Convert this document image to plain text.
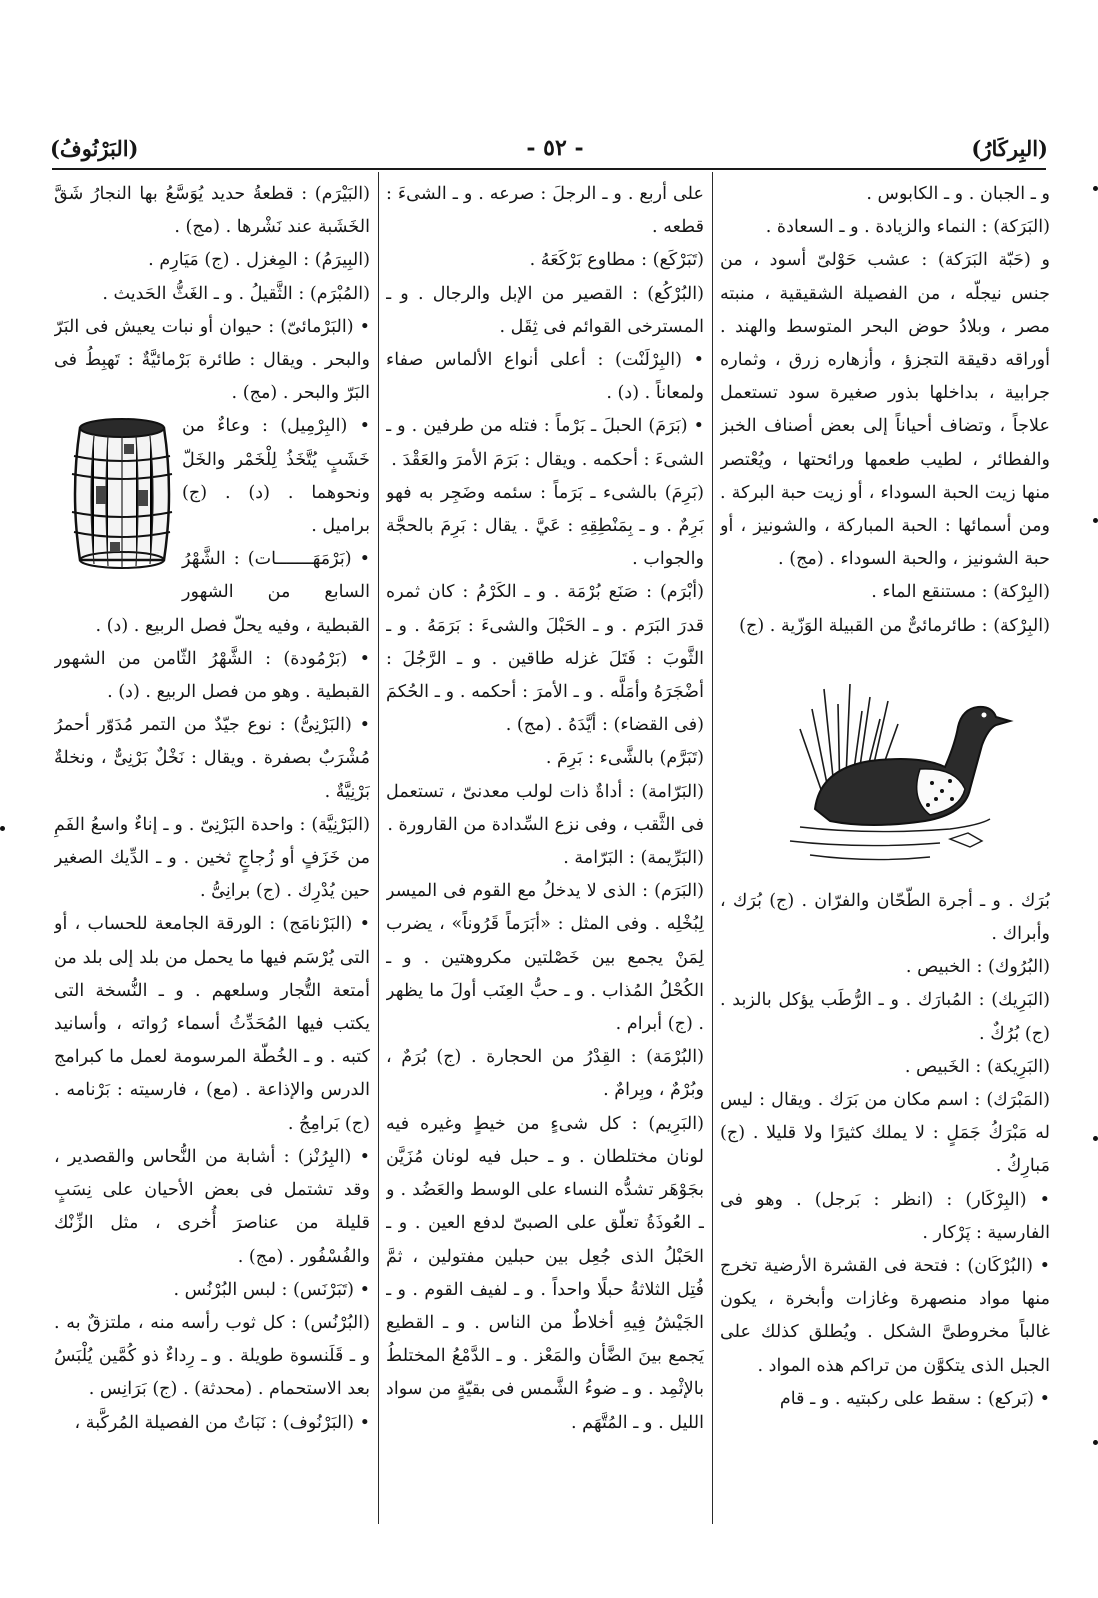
(البِركَارُ)
- ٥٢ -
(البَرْنُوفُ)

و ـ الجبان . و ـ الكابوس .

(البَرَكة) : النماء والزيادة . و ـ السعادة .

و (حَبّة البَرَكة) : عشب حَوْلىّ أسود ، من جنس نيجلّه ، من الفصيلة الشقيقية ، منبته مصر ، وبلادُ حوض البحر المتوسط والهند . أوراقه دقيقة التجزؤ ، وأزهاره زرق ، وثماره جرابية ، بداخلها بذور صغيرة سود تستعمل علاجاً ، وتضاف أحياناً إلى بعض أصناف الخبز والفطائر ، لطيب طعمها ورائحتها ، ويُعْتصر منها زيت الحبة السوداء ، أو زيت حبة البركة . ومن أسمائها : الحبة المباركة ، والشونيز ، أو حبة الشونيز ، والحبة السوداء . (مج) .

(البِرْكة) : مستنقع الماء .

(البِرْكة) : طائرمائىٌّ من القبيلة الوَزّية . (ج)

بُرَك . و ـ أجرة الطّحّان والفرّان . (ج) بُرَك ، وأبراك .

(البُرُوك) : الخبيص .

(البَرِيك) : المُبارَك . و ـ الرُّطَب يؤكل بالزبد . (ج) بُرُكٌ .

(البَرِيكة) : الخَبيص .

(المَبْرَك) : اسم مكان من بَرَك . ويقال : ليس له مَبْرَكُ جَمَلٍ : لا يملك كثيرًا ولا قليلا . (ج) مَبارِكُ .

• (البِرْكَار) : (انظر : بَرجل) . وهو فى الفارسية : پَرْكار .

• (البُرْكَان) : فتحة فى القشرة الأرضية تخرج منها مواد منصهرة وغازات وأبخرة ، يكون غالباً مخروطىَّ الشكل . ويُطلق كذلك على الجبل الذى يتكوَّن من تراكم هذه المواد .

• (بَركع) : سقط على ركبتيه . و ـ قام

على أربع . و ـ الرجلَ : صرعه . و ـ الشىءَ : قطعه .

(تَبَرْكَع) : مطاوع بَرْكَعَهُ .

(البُرْكُع) : القصير من الإبل والرجال . و ـ المسترخى القوائم فى ثِقَل .

• (البِرْلَنْت) : أعلى أنواع الألماس صفاء ولمعاناً . (د) .

• (بَرَمَ) الحبلَ ـ بَرْماً : فتله من طرفين . و ـ الشىءَ : أحكمه . ويقال : بَرَمَ الأمرَ والعَقْدَ .

(بَرِمَ) بالشىء ـ بَرَماً : سئمه وضَجِر به فهو بَرِمٌ . و ـ بِمَنْطِقِهِ : عَيَّ . يقال : بَرِمَ بالحجَّة والجواب .

(أبْرَم) : صَنَع بُرْمَة . و ـ الكَرْمُ : كان ثمره قدرَ البَرَم . و ـ الحَبْلَ والشىءَ : بَرَمَهُ . و ـ الثَّوبَ : فَتَلَ غزله طاقين . و ـ الرَّجُلَ : أضْجَرَهُ وأمَلَّه . و ـ الأمرَ : أحكمه . و ـ الحُكمَ (فى القضاء) : أيَّدَهُ . (مج) .

(تَبَرَّم) بالشَّىء : بَرِمَ .

(البَرّامة) : أداةٌ ذات لولب معدنىّ ، تستعمل فى الثَّقب ، وفى نزع السِّدادة من القارورة .

(البَرِّيمة) : البَرّامة .

(البَرَم) : الذى لا يدخلُ مع القوم فى الميسر لِبُخْلِه . وفى المثل : «أبَرَماً قَرُوناً» ، يضرب لِمَنْ يجمع بين خَصْلتين مكروهتين . و ـ الكُحْلُ المُذاب . و ـ حبُّ العِنَب أولَ ما يظهر . (ج) أبرام .

(البُرْمَة) : القِدْرُ من الحجارة . (ج) بُرَمٌ ، وبُرْمٌ ، وبِرامٌ .

(البَرِيم) : كل شىءٍ من خيطٍ وغيره فيه لونان مختلطان . و ـ حبل فيه لونان مُزَيَّن بجَوْهَر تشدُّه النساء على الوسط والعَضُد . و ـ العُوذَةُ تعلّق على الصبىّ لدفع العين . و ـ الحَبْلُ الذى جُعِل بين حبلين مفتولين ، ثمَّ فُتِل الثلاثةُ حبلًا واحداً . و ـ لفيف القوم . و ـ الجَيْشُ فِيهِ أخلاطٌ من الناس . و ـ القطيع يَجمع بينَ الضَّأن والمَعْز . و ـ الدَّمْعُ المختلطُ بالإثْمِد . و ـ ضوءُ الشَّمس فى بقيّةٍ من سواد الليل . و ـ المُتَّهَم .

(البَيْرَم) : قطعةُ حديد يُوَسَّعُ بها النجارُ شَقَّ الخَشَبة عند نَشْرها . (مج) .

(البِيرَمُ) : المِغزل . (ج) مَيَارِم .

(المُبْرَم) : الثَّقيلُ . و ـ الغَثُّ الحَديث .

• (البَرْمائىّ) : حيوان أو نبات يعيش فى البَرّ والبحر . ويقال : طائرة بَرْمائيَّةٌ : تَهبِطُ فى البَرّ والبحر . (مج) .

• (البِرْمِيل) : وعاءٌ من خَشَبٍ يُتَّخَذُ لِلْخَمْر والخَلّ ونحوهما . (د) . (ج) براميل .

• (بَرْمَهَـــــــات) : الشَّهْرُ السابع من الشهور القبطية ، وفيه يحلّ فصل الربيع . (د) .

• (بَرْمُودة) : الشَّهْرُ الثّامن من الشهور القبطية . وهو من فصل الربيع . (د) .

• (البَرْنِىُّ) : نوع جيّدٌ من التمر مُدَوّر أحمرُ مُشْرَبٌ بصفرة . ويقال : نَخْلٌ بَرْنِىٌّ ، ونخلةٌ بَرْنِيَّةٌ .

(البَرْنِيَّة) : واحدة البَرْنِىّ . و ـ إناءٌ واسعُ الفَمِ من خَزَفٍ أو زُجاجٍ ثخين . و ـ الدِّيك الصغير حين يُدْرِك . (ج) برانِىُّ .

• (البَرْنامَج) : الورقة الجامعة للحساب ، أو التى يُرْسَم فيها ما يحمل من بلد إلى بلد من أمتعة التُّجار وسلعهم . و ـ النُّسخة التى يكتب فيها المُحَدِّثُ أسماء رُواته ، وأسانيد كتبه . و ـ الخُطّة المرسومة لعمل ما كبرامج الدرس والإذاعة . (مع) ، فارسيته : بَرْنامه . (ج) بَرامِجُ .

• (البِرُنْز) : أشابة من النُّحاس والقصدير ، وقد تشتمل فى بعض الأحيان على نِسَبٍ قليلة من عناصرَ أُخرى ، مثل الزِّنْك والفُسْفُور . (مج) .

• (تَبَرْنَس) : لبس البُرْنُس .

(البُرْنُس) : كل ثوب رأسه منه ، ملتزقٌ به . و ـ قَلَنسوة طويلة . و ـ رِداءٌ ذو كُمَّين يُلْبَسُ بعد الاستحمام . (محدثة) . (ج) بَرَانِس .

• (البَرْنُوف) : نَبَاتٌ من الفصيلة المُركَّبة ،
